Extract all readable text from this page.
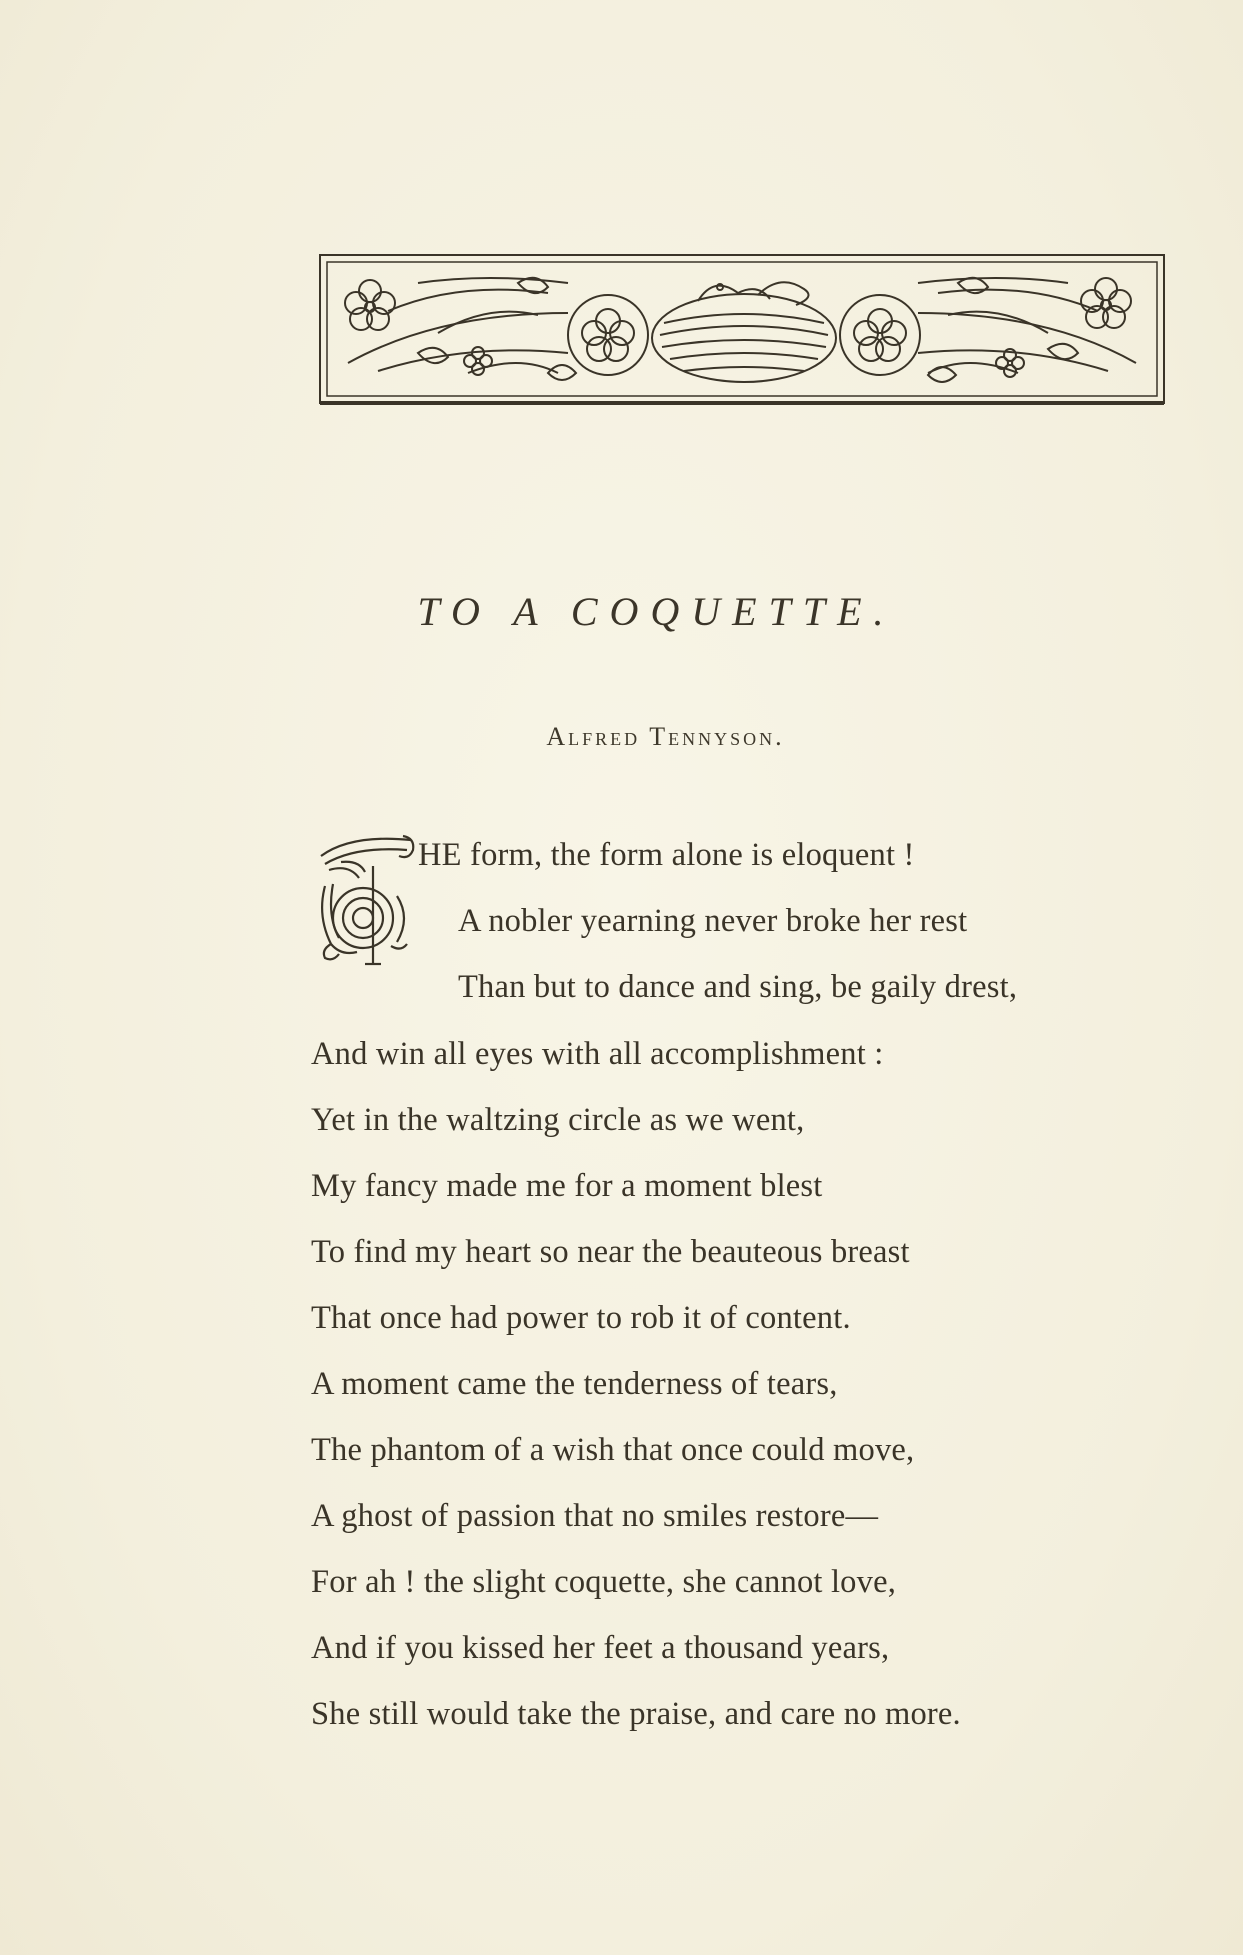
TO A COQUETTE.
Alfred Tennyson.
HE form, the form alone is eloquent !
A nobler yearning never broke her rest
Than but to dance and sing, be gaily drest,
And win all eyes with all accomplishment :
Yet in the waltzing circle as we went,
My fancy made me for a moment blest
To find my heart so near the beauteous breast
That once had power to rob it of content.
A moment came the tenderness of tears,
The phantom of a wish that once could move,
A ghost of passion that no smiles restore—
For ah ! the slight coquette, she cannot love,
And if you kissed her feet a thousand years,
She still would take the praise, and care no more.
